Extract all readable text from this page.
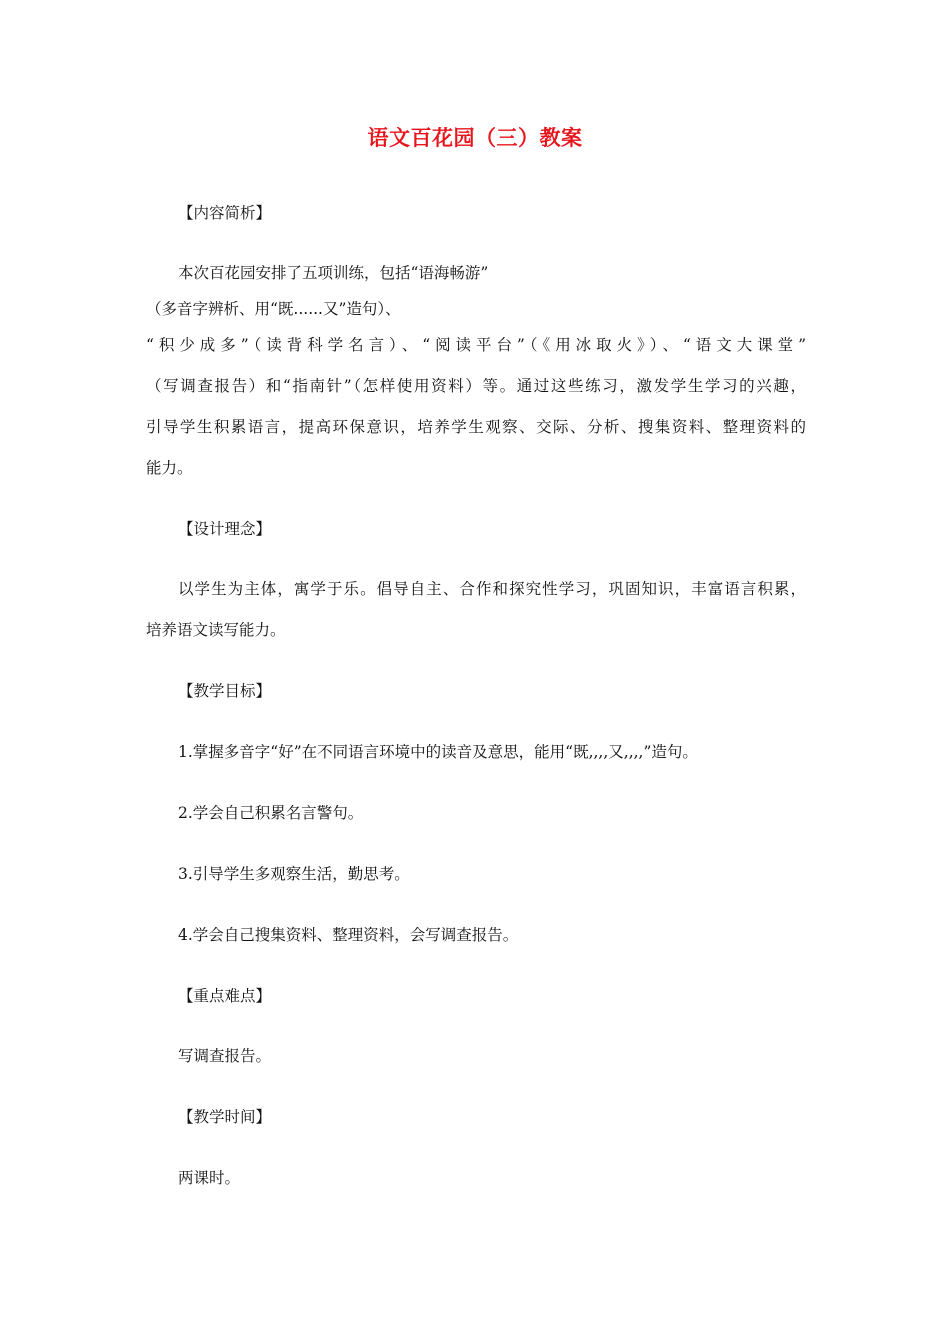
语文百花园（三）教案
【内容简析】
本次百花园安排了五项训练，包括“语海畅游”
（多音字辨析、用“既......又”造句）、
“积少成多”（读背科学名言）、“阅读平台”（《用冰取火》）、“语文大课堂”
（写调查报告）和“指南针”（怎样使用资料）等。通过这些练习，激发学生学习的兴趣，
引导学生积累语言，提高环保意识，培养学生观察、交际、分析、搜集资料、整理资料的
能力。
【设计理念】
以学生为主体，寓学于乐。倡导自主、合作和探究性学习，巩固知识，丰富语言积累，
培养语文读写能力。
【教学目标】
1.掌握多音字“好”在不同语言环境中的读音及意思，能用“既,,,,又,,,,”造句。
2.学会自己积累名言警句。
3.引导学生多观察生活，勤思考。
4.学会自己搜集资料、整理资料，会写调查报告。
【重点难点】
写调查报告。
【教学时间】
两课时。
